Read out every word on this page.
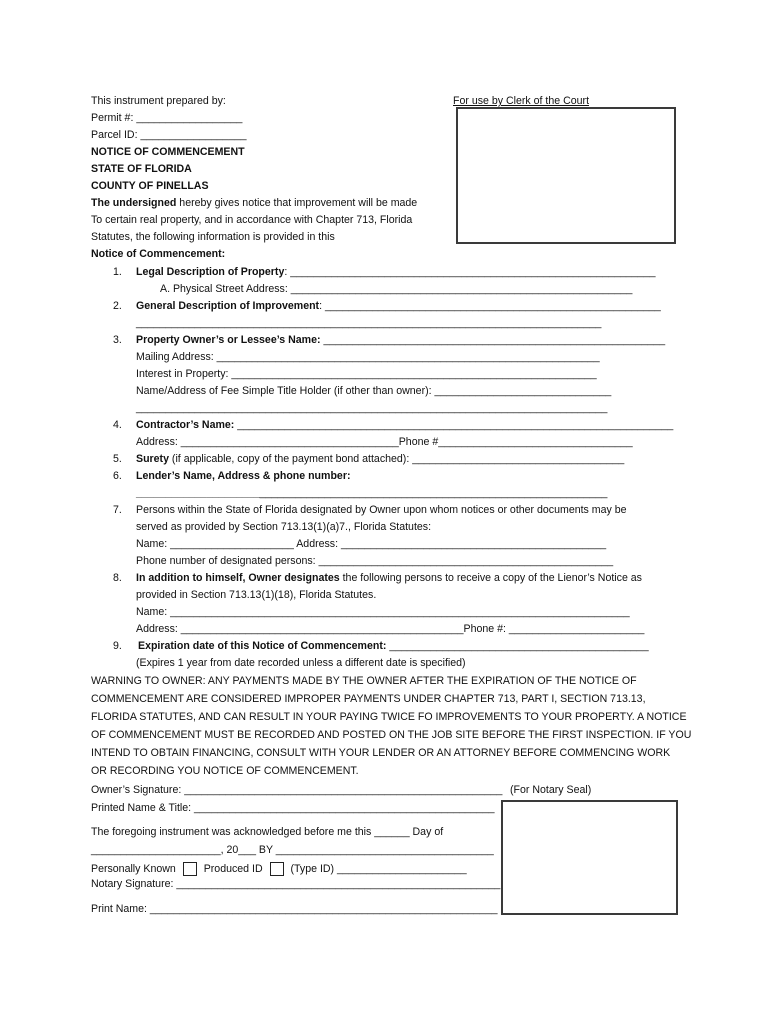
This instrument prepared by:
Permit #: __________________
Parcel ID: __________________
NOTICE OF COMMENCEMENT
STATE OF FLORIDA
COUNTY OF PINELLAS
The undersigned hereby gives notice that improvement will be made
To certain real property, and in accordance with Chapter 713, Florida
Statutes, the following information is provided in this
Notice of Commencement:
For use by Clerk of the Court
1. Legal Description of Property: ______________________________________________________________
A. Physical Street Address: __________________________________________________________
2. General Description of Improvement: _________________________________________________________
_______________________________________________________________________________
3. Property Owner’s or Lessee’s Name: __________________________________________________________
Mailing Address: _________________________________________________________________
Interest in Property: ______________________________________________________________
Name/Address of Fee Simple Title Holder (if other than owner): ______________________________
________________________________________________________________________________
4. Contractor’s Name: __________________________________________________________________________
Address: _____________________________________Phone #_________________________________
5. Surety (if applicable, copy of the payment bond attached): ____________________________________
6. Lender’s Name, Address & phone number:
________________________________________________________________________________
7. Persons within the State of Florida designated by Owner upon whom notices or other documents may be
served as provided by Section 713.13(1)(a)7., Florida Statutes:
Name: _____________________ Address: _____________________________________________
Phone number of designated persons: __________________________________________________
8. In addition to himself, Owner designates the following persons to receive a copy of the Lienor’s Notice as
provided in Section 713.13(1)(18), Florida Statutes.
Name: ______________________________________________________________________________
Address: ________________________________________________Phone #: _______________________
9. Expiration date of this Notice of Commencement: ____________________________________________
(Expires 1 year from date recorded unless a different date is specified)
WARNING TO OWNER: ANY PAYMENTS MADE BY THE OWNER AFTER THE EXPIRATION OF THE NOTICE OF
COMMENCEMENT ARE CONSIDERED IMPROPER PAYMENTS UNDER CHAPTER 713, PART I, SECTION 713.13,
FLORIDA STATUTES, AND CAN RESULT IN YOUR PAYING TWICE FO IMPROVEMENTS TO YOUR PROPERTY. A NOTICE
OF COMMENCEMENT MUST BE RECORDED AND POSTED ON THE JOB SITE BEFORE THE FIRST INSPECTION. IF YOU
INTEND TO OBTAIN FINANCING, CONSULT WITH YOUR LENDER OR AN ATTORNEY BEFORE COMMENCING WORK
OR RECORDING YOU NOTICE OF COMMENCEMENT.
Owner’s Signature: ______________________________________________________ (For Notary Seal)
Printed Name & Title: ___________________________________________________
The foregoing instrument was acknowledged before me this ______ Day of
______________________, 20___ BY _____________________________________
Personally Known	Produced ID	(Type ID) ______________________
Notary Signature: _______________________________________________________
Print Name: ___________________________________________________________
